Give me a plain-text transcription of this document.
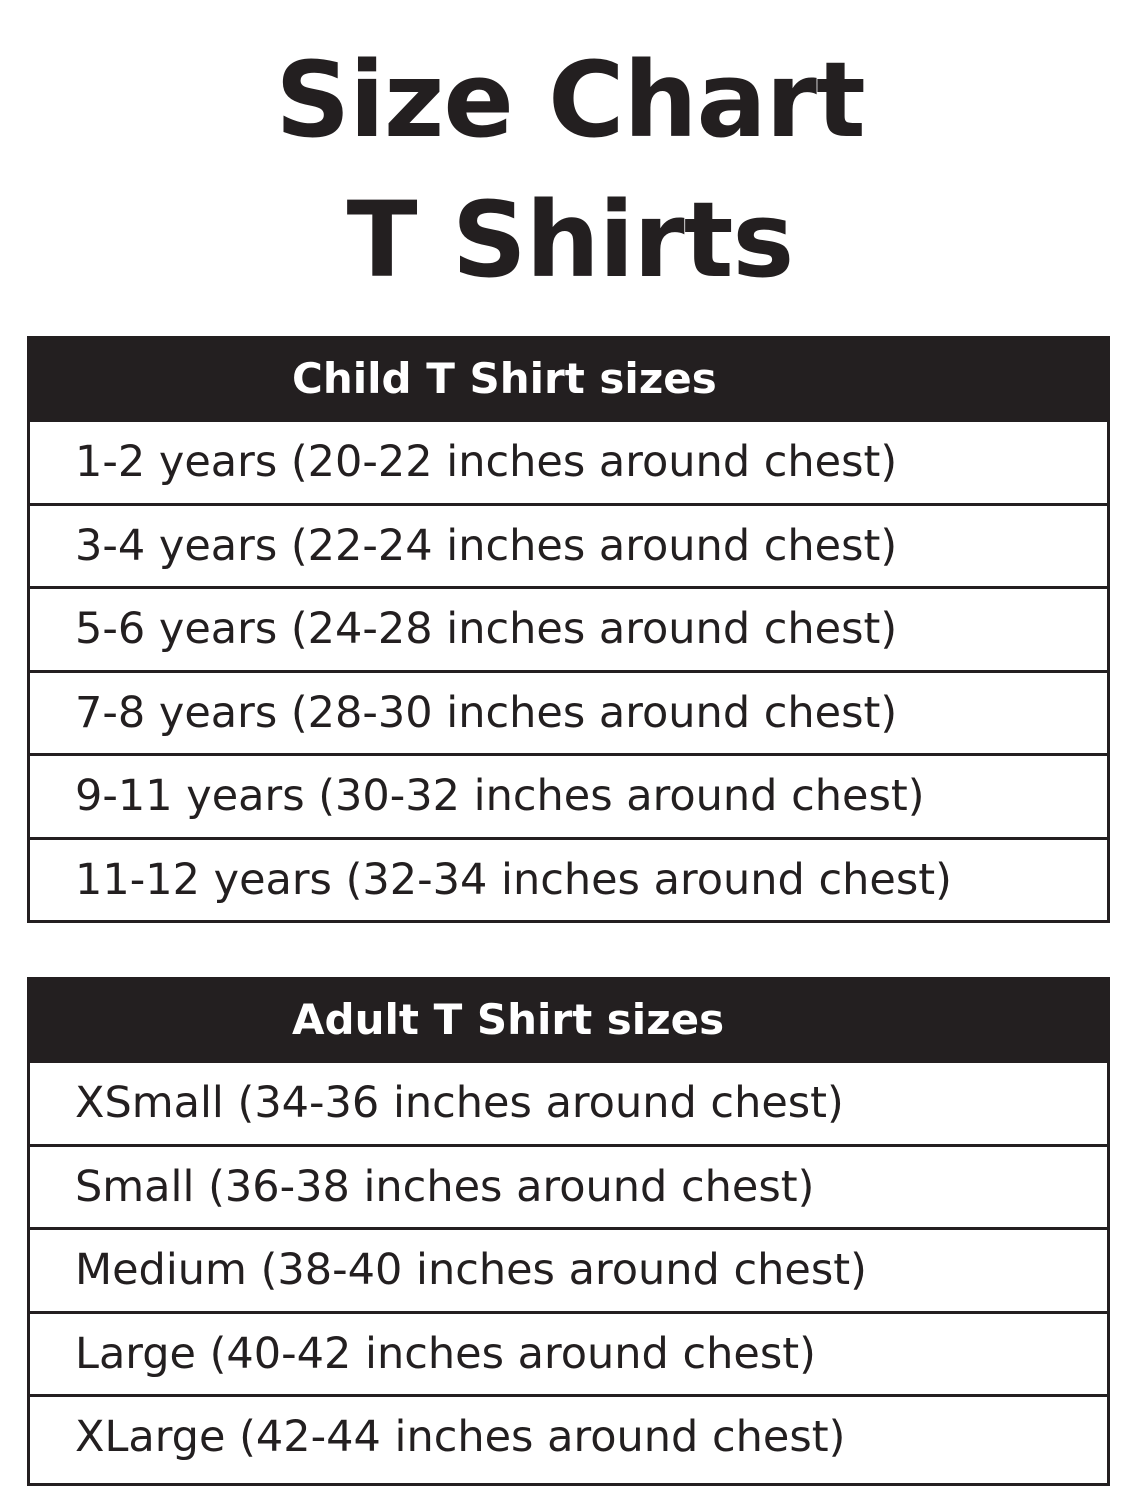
Size Chart
T Shirts
Child T Shirt sizes
1-2 years (20-22 inches around chest)
3-4 years (22-24 inches around chest)
5-6 years (24-28 inches around chest)
7-8 years (28-30 inches around chest)
9-11 years (30-32 inches around chest)
11-12 years (32-34 inches around chest)
Adult T Shirt sizes
XSmall (34-36 inches around chest)
Small (36-38 inches around chest)
Medium (38-40 inches around chest)
Large (40-42 inches around chest)
XLarge (42-44 inches around chest)
